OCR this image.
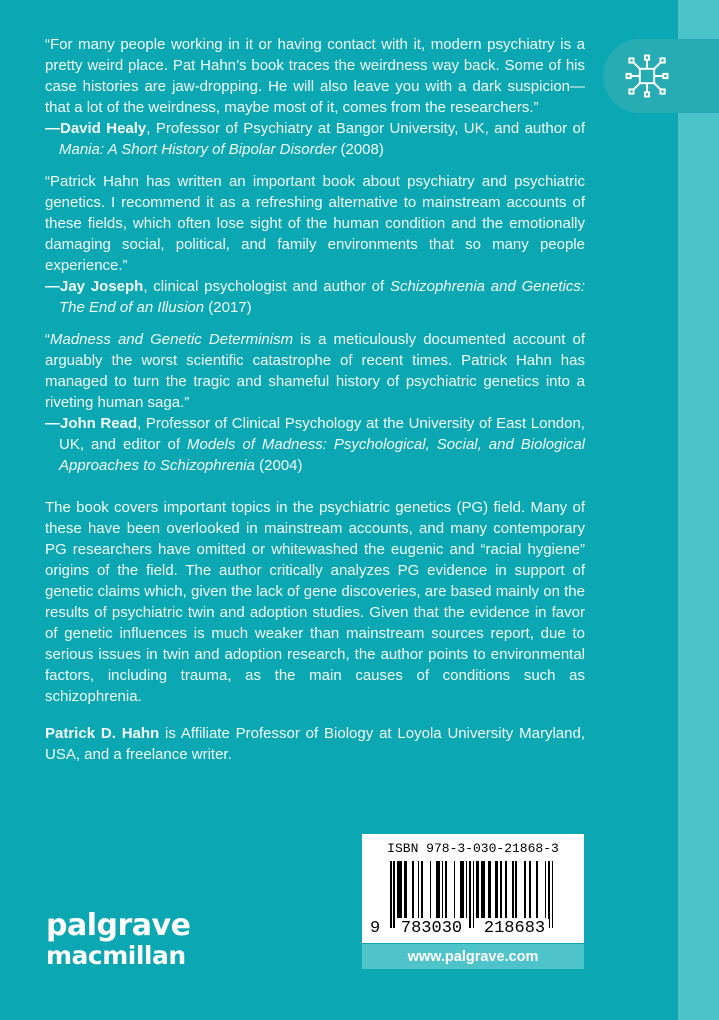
“For many people working in it or having contact with it, modern psychiatry is a pretty weird place. Pat Hahn’s book traces the weirdness way back. Some of his case histories are jaw-dropping. He will also leave you with a dark suspicion—that a lot of the weirdness, maybe most of it, comes from the researchers.”
—David Healy, Professor of Psychiatry at Bangor University, UK, and author of Mania: A Short History of Bipolar Disorder (2008)
“Patrick Hahn has written an important book about psychiatry and psychiatric genetics. I recommend it as a refreshing alternative to mainstream accounts of these fields, which often lose sight of the human condition and the emotionally damaging social, political, and family environments that so many people experience.”
—Jay Joseph, clinical psychologist and author of Schizophrenia and Genetics: The End of an Illusion (2017)
“Madness and Genetic Determinism is a meticulously documented account of arguably the worst scientific catastrophe of recent times. Patrick Hahn has managed to turn the tragic and shameful history of psychiatric genetics into a riveting human saga.”
—John Read, Professor of Clinical Psychology at the University of East London, UK, and editor of Models of Madness: Psychological, Social, and Biological Approaches to Schizophrenia (2004)
The book covers important topics in the psychiatric genetics (PG) field. Many of these have been overlooked in mainstream accounts, and many contemporary PG researchers have omitted or whitewashed the eugenic and “racial hygiene” origins of the field. The author critically analyzes PG evidence in support of genetic claims which, given the lack of gene discoveries, are based mainly on the results of psychiatric twin and adoption studies. Given that the evidence in favor of genetic influences is much weaker than mainstream sources report, due to serious issues in twin and adoption research, the author points to environmental factors, including trauma, as the main causes of conditions such as schizophrenia.
Patrick D. Hahn is Affiliate Professor of Biology at Loyola University Maryland, USA, and a freelance writer.
palgrave
macmillan
ISBN 978-3-030-21868-3
9 783030 218683
www.palgrave.com
